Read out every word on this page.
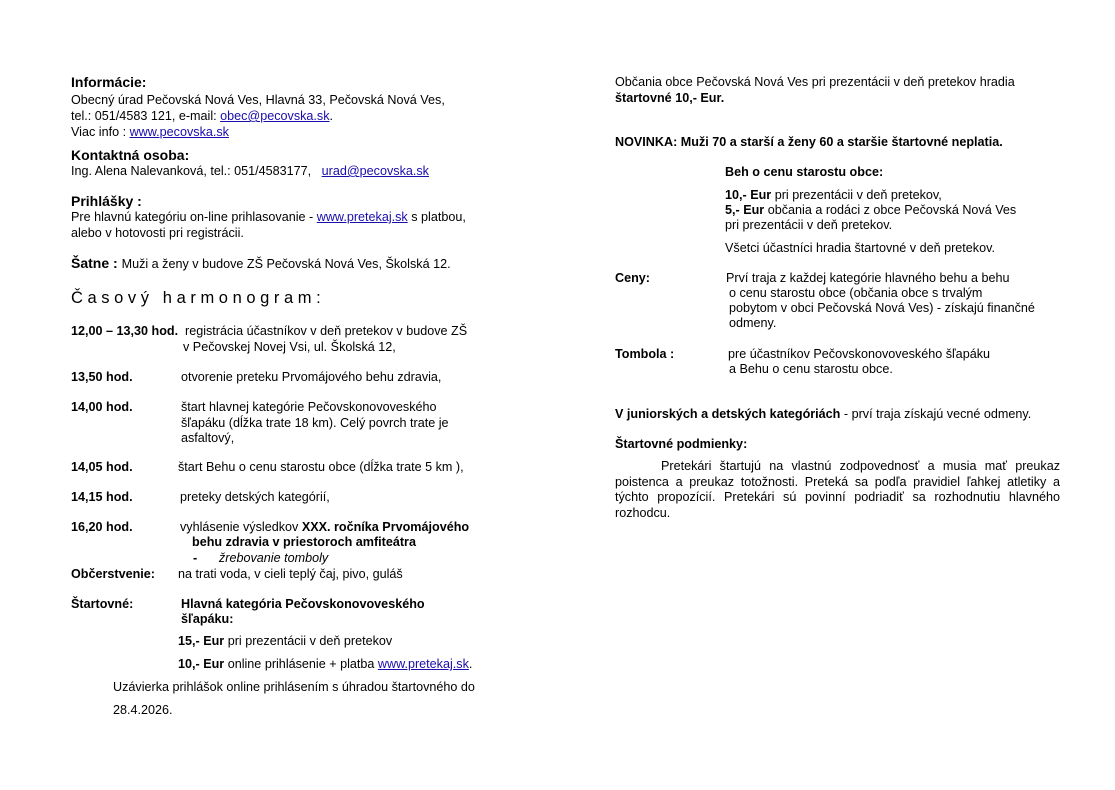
Informácie:
Obecný úrad Pečovská Nová Ves, Hlavná 33, Pečovská Nová Ves,
tel.: 051/4583 121, e-mail: obec@pecovska.sk.
Viac info : www.pecovska.sk
Kontaktná osoba:
Ing. Alena Nalevanková, tel.: 051/4583177, urad@pecovska.sk
Prihlášky :
Pre hlavnú kategóriu on-line prihlasovanie - www.pretekaj.sk s platbou,
alebo v hotovosti pri registrácii.
Šatne : Muži a ženy v budove ZŠ Pečovská Nová Ves, Školská 12.
Časový harmonogram:
12,00 – 13,30 hod. registrácia účastníkov v deň pretekov v budove ZŠ
v Pečovskej Novej Vsi, ul. Školská 12,
13,50 hod.	otvorenie preteku Prvomájového behu zdravia,
14,00 hod.	štart hlavnej kategórie Pečovskonovoveského
šľapáku (dĺžka trate 18 km). Celý povrch trate je
asfaltový,
14,05 hod.	štart Behu o cenu starostu obce (dĺžka trate 5 km ),
14,15 hod.	preteky detských kategórií,
16,20 hod.	vyhlásenie výsledkov XXX. ročníka Prvomájového
behu zdravia v priestoroch amfiteátra
- žrebovanie tomboly
Občerstvenie: na trati voda, v cieli teplý čaj, pivo, guláš
Štartovné:	Hlavná kategória Pečovskonovoveského
šľapáku:
15,- Eur pri prezentácii v deň pretekov
10,- Eur online prihlásenie + platba www.pretekaj.sk.
Uzávierka prihlášok online prihlásením s úhradou štartovného do
28.4.2026.
Občania obce Pečovská Nová Ves pri prezentácii v deň pretekov hradia
štartovné 10,- Eur.
NOVINKA: Muži 70 a starší a ženy 60 a staršie štartovné neplatia.
Beh o cenu starostu obce:
10,- Eur pri prezentácii v deň pretekov,
5,- Eur občania a rodáci z obce Pečovská Nová Ves
pri prezentácii v deň pretekov.
Všetci účastníci hradia štartovné v deň pretekov.
Ceny:	Prví traja z každej kategórie hlavného behu a behu
o cenu starostu obce (občania obce s trvalým
pobytom v obci Pečovská Nová Ves) - získajú finančné
odmeny.
Tombola :	pre účastníkov Pečovskonovoveského šľapáku
a Behu o cenu starostu obce.
V juniorských a detských kategóriách - prví traja získajú vecné odmeny.
Štartovné podmienky:
Pretekári štartujú na vlastnú zodpovednosť a musia mať preukaz poistenca a preukaz totožnosti. Preteká sa podľa pravidiel ľahkej atletiky a týchto propozícií. Pretekári sú povinní podriadiť sa rozhodnutiu hlavného rozhodcu.
